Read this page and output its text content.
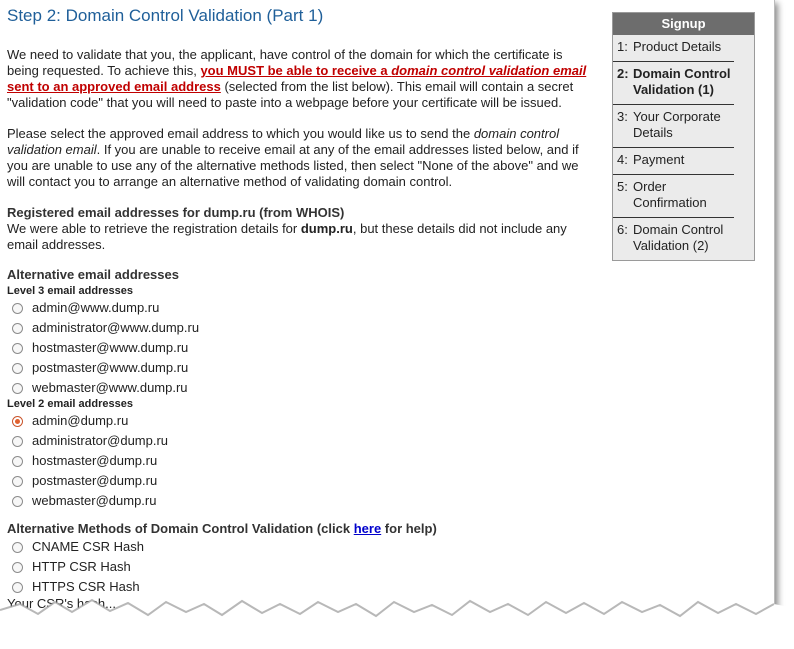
Step 2: Domain Control Validation (Part 1)

We need to validate that you, the applicant, have control of the domain for which the certificate is being requested. To achieve this, you MUST be able to receive a domain control validation email sent to an approved email address (selected from the list below). This email will contain a secret "validation code" that you will need to paste into a webpage before your certificate will be issued.

Please select the approved email address to which you would like us to send the domain control validation email. If you are unable to receive email at any of the email addresses listed below, and if you are unable to use any of the alternative methods listed, then select "None of the above" and we will contact you to arrange an alternative method of validating domain control.

Registered email addresses for dump.ru (from WHOIS)
We were able to retrieve the registration details for dump.ru, but these details did not include any email addresses.
Alternative email addresses
Level 3 email addresses
admin@www.dump.ru
administrator@www.dump.ru
hostmaster@www.dump.ru
postmaster@www.dump.ru
webmaster@www.dump.ru
Level 2 email addresses
admin@dump.ru
administrator@dump.ru
hostmaster@dump.ru
postmaster@dump.ru
webmaster@dump.ru
Alternative Methods of Domain Control Validation (click here for help)
CNAME CSR Hash
HTTP CSR Hash
HTTPS CSR Hash
Your CSR's hash...
Signup
1: Product Details
2: Domain Control Validation (1)
3: Your Corporate Details
4: Payment
5: Order Confirmation
6: Domain Control Validation (2)
